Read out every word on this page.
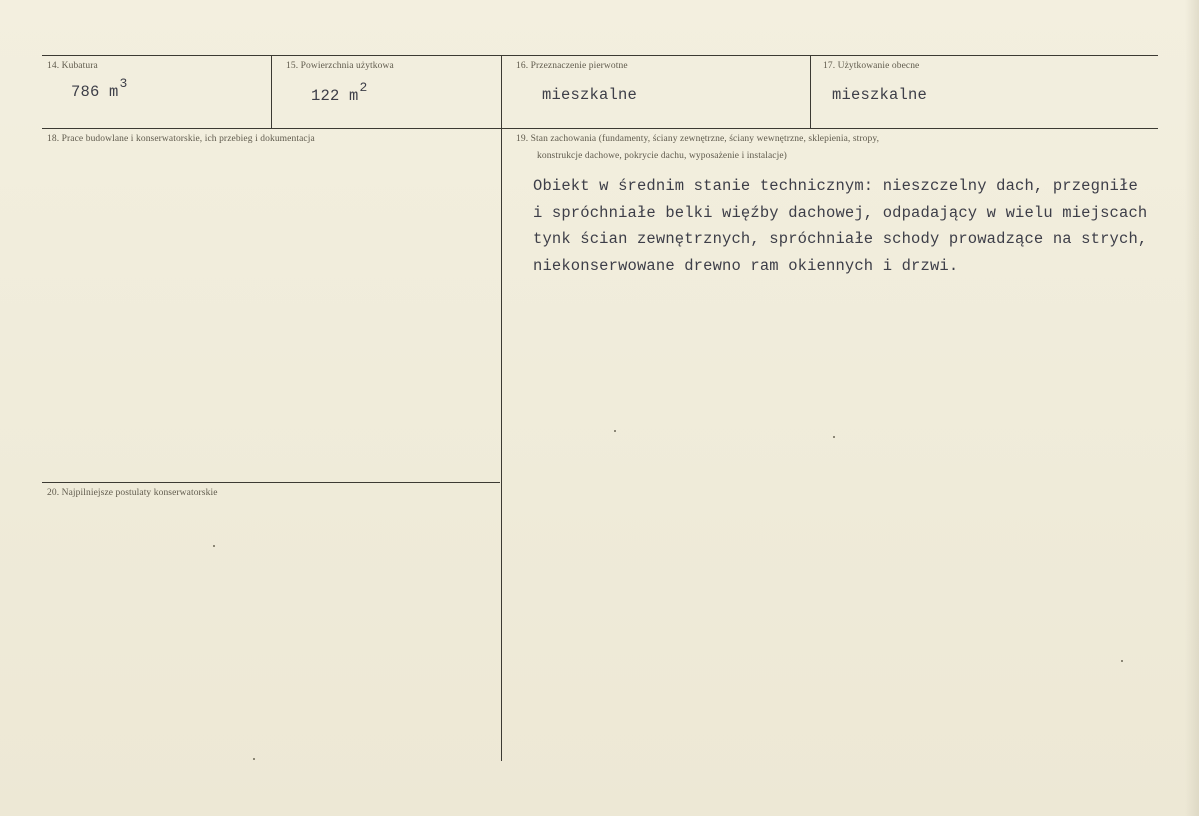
14. Kubatura
786 $m^3$
15. Powierzchnia użytkowa
122 $m^2$
16. Przeznaczenie pierwotne
mieszkalne
17. Użytkowanie obecne
mieszkalne
18. Prace budowlane i konserwatorskie, ich przebieg i dokumentacja	19. Stan zachowania (fundamenty, ściany zewnętrzne, ściany wewnętrzne, sklepienia, stropy,
konstrukcje dachowe, pokrycie dachu, wyposażenie i instalacje)
Obiekt w średnim stanie technicznym: nieszczelny dach, przegniłe
i spróchniałe belki więźby dachowej, odpadający w wielu miejscach
tynk ścian zewnętrznych, spróchniałe schody prowadzące na strych,
niekonserwowane drewno ram okiennych i drzwi.
20. Najpilniejsze postulaty konserwatorskie
